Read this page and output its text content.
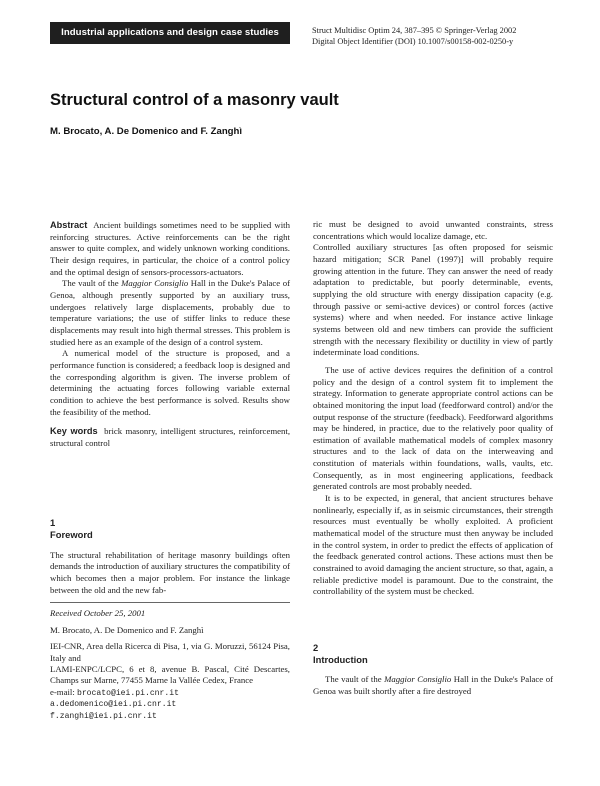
Industrial applications and design case studies	Struct Multidisc Optim 24, 387–395 © Springer-Verlag 2002
Digital Object Identifier (DOI) 10.1007/s00158-002-0250-y
Structural control of a masonry vault
M. Brocato, A. De Domenico and F. Zanghì

Abstract Ancient buildings sometimes need to be supplied with reinforcing structures. Active reinforcements can be the right answer to quite complex, and widely unknown working conditions. Their design requires, in particular, the choice of a control policy and the optimal design of sensors-processors-actuators.

The vault of the Maggior Consiglio Hall in the Duke's Palace of Genoa, although presently supported by an auxiliary truss, undergoes relatively large displacements, probably due to temperature variations; the use of stiffer links to reduce these displacements may result into high thermal stresses. This problem is studied here as an example of the design of a control system.

A numerical model of the structure is proposed, and a performance function is considered; a feedback loop is designed and the corresponding algorithm is given. The inverse problem of determining the actuating forces following variable external condition to achieve the best performance is solved. Results show the feasibility of the method.

Key words brick masonry, intelligent structures, reinforcement, structural control

1
Foreword

The structural rehabilitation of heritage masonry buildings often demands the introduction of auxiliary structures the compatibility of which becomes then a major problem. For instance the linkage between the old and the new fab-

Received October 25, 2001
M. Brocato, A. De Domenico and F. Zanghì
IEI-CNR, Area della Ricerca di Pisa, 1, via G. Moruzzi, 56124 Pisa, Italy and
LAMI-ENPC/LCPC, 6 et 8, avenue B. Pascal, Cité Descartes, Champs sur Marne, 77455 Marne la Vallée Cedex, France
e-mail: brocato@iei.pi.cnr.it
a.dedomenico@iei.pi.cnr.it
f.zanghi@iei.pi.cnr.it

ric must be designed to avoid unwanted constraints, stress concentrations which would localize damage, etc.

Controlled auxiliary structures [as often proposed for seismic hazard mitigation; SCR Panel (1997)] will probably require growing attention in the future. They can answer the need of ready adaptation to predictable, but poorly determinable, events, supplying the old structure with energy dissipation capacity (e.g. through passive or semi-active devices) or control forces (active systems) where and when needed. For instance active linkage systems between old and new timbers can provide the sufficient strength with the necessary flexibility or ductility in view of partly indeterminate load conditions.

The use of active devices requires the definition of a control policy and the design of a control system fit to implement the strategy. Information to generate appropriate control actions can be obtained monitoring the input load (feedforward control) and/or the output response of the structure (feedback). Feedforward algorithms may be hindered, in practice, due to the relatively poor quality of estimation of available mathematical models of complex masonry structures and to the lack of data on the interweaving and constitution of materials within foundations, walls, vaults, etc. Consequently, as in most engineering applications, feedback generated controls are most probably needed.

It is to be expected, in general, that ancient structures behave nonlinearly, especially if, as in seismic circumstances, their strength resources must eventually be wholly exploited. A proficient mathematical model of the structure must then anyway be included in the control system, in order to predict the effects of application of the feedback generated control actions. These actions must then be constrained to avoid damaging the ancient structure, so that, again, a reliable predictive model is paramount. Due to the constraint, the controllability of the system must be checked.

2
Introduction

The vault of the Maggior Consiglio Hall in the Duke's Palace of Genoa was built shortly after a fire destroyed
